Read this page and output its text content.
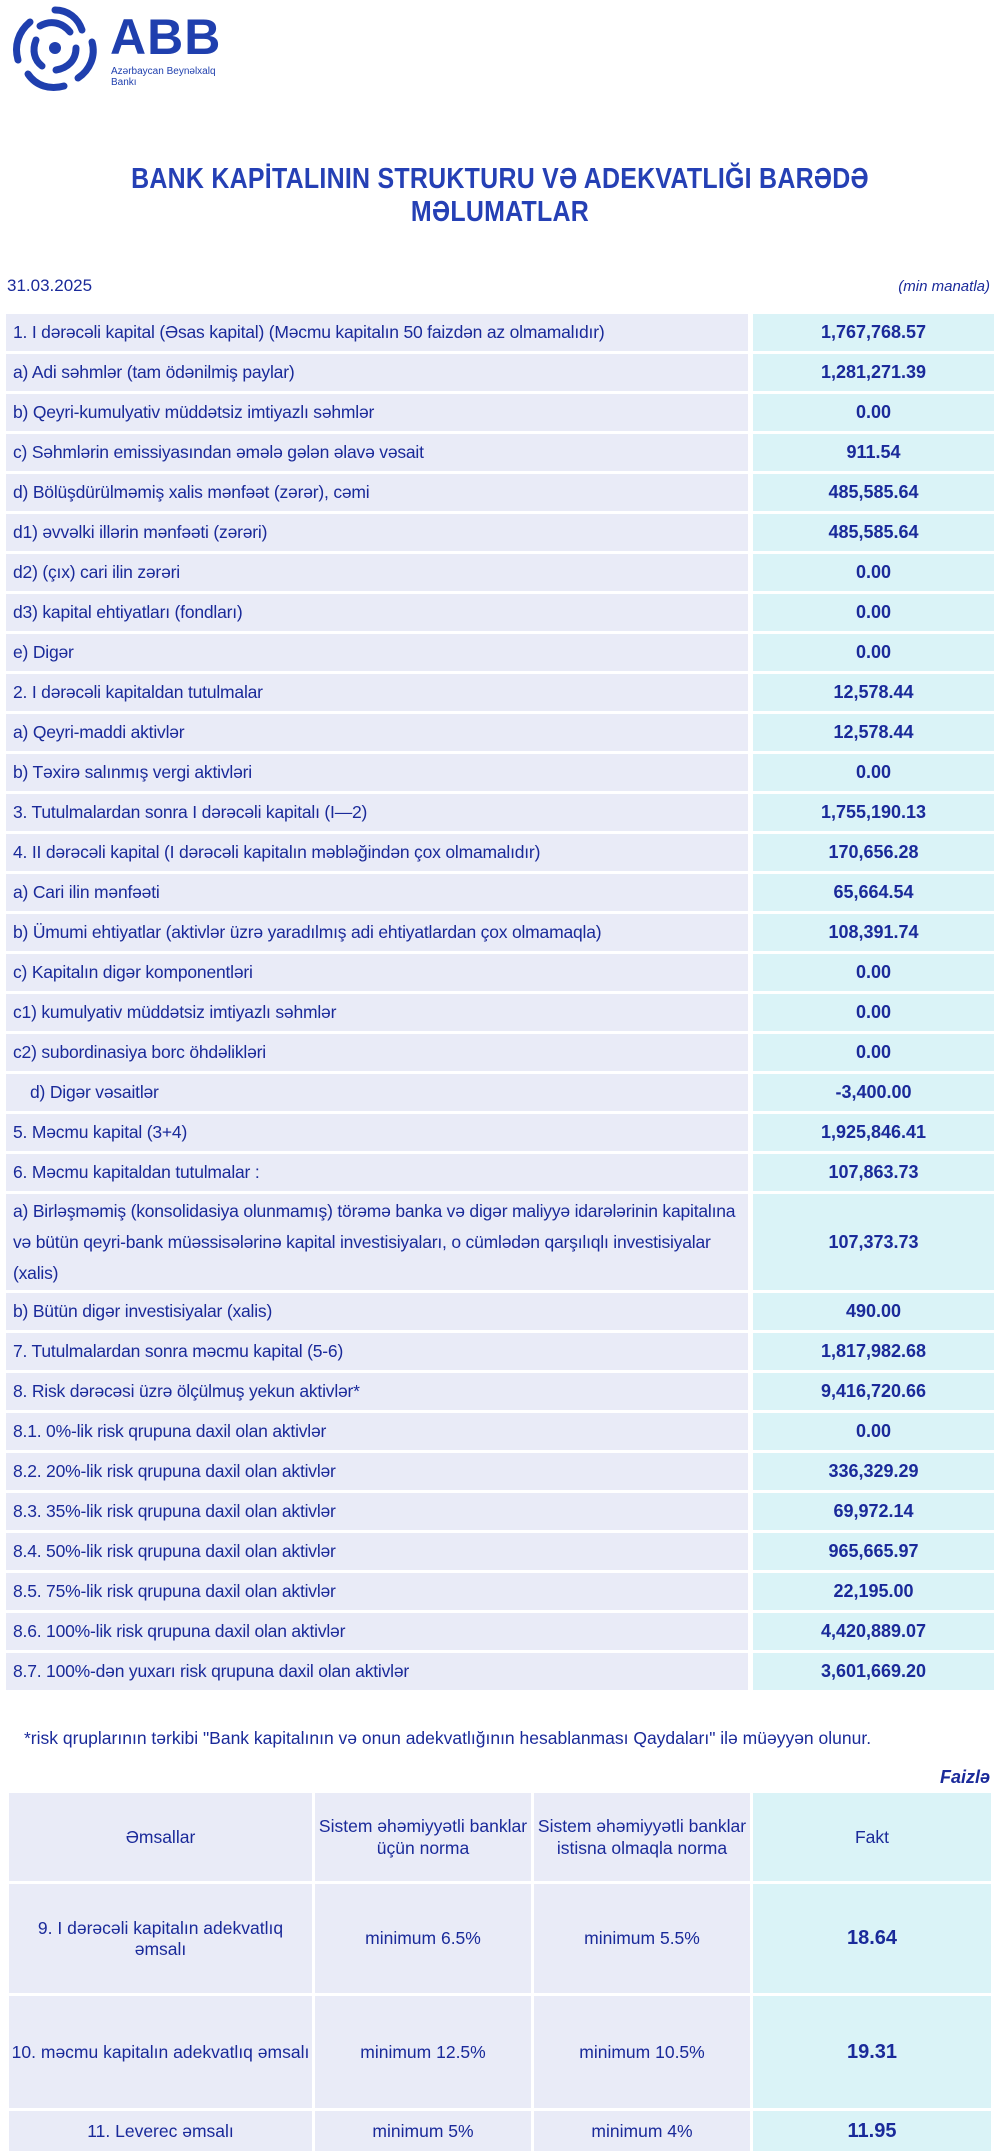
ABB
Azərbaycan Beynəlxalq Bankı
BANK KAPİTALININ STRUKTURU VƏ ADEKVATLIĞI BARƏDƏ MƏLUMATLAR
31.03.2025	(min manatla)
1. I dərəcəli kapital (Əsas kapital) (Məcmu kapitalın 50 faizdən az olmamalıdır)	1,767,768.57
a) Adi səhmlər (tam ödənilmiş paylar)	1,281,271.39
b) Qeyri-kumulyativ müddətsiz imtiyazlı səhmlər	0.00
c) Səhmlərin emissiyasından əmələ gələn əlavə vəsait	911.54
d) Bölüşdürülməmiş xalis mənfəət (zərər), cəmi	485,585.64
d1) əvvəlki illərin mənfəəti (zərəri)	485,585.64
d2) (çıx) cari ilin zərəri	0.00
d3) kapital ehtiyatları (fondları)	0.00
e) Digər	0.00
2. I dərəcəli kapitaldan tutulmalar	12,578.44
a) Qeyri-maddi aktivlər	12,578.44
b) Təxirə salınmış vergi aktivləri	0.00
3. Tutulmalardan sonra I dərəcəli kapitalı (I—2)	1,755,190.13
4. II dərəcəli kapital (I dərəcəli kapitalın məbləğindən çox olmamalıdır)	170,656.28
a) Cari ilin mənfəəti	65,664.54
b) Ümumi ehtiyatlar (aktivlər üzrə yaradılmış adi ehtiyatlardan çox olmamaqla)	108,391.74
c) Kapitalın digər komponentləri	0.00
c1) kumulyativ müddətsiz imtiyazlı səhmlər	0.00
c2) subordinasiya borc öhdəlikləri	0.00
d) Digər vəsaitlər	-3,400.00
5. Məcmu kapital (3+4)	1,925,846.41
6. Məcmu kapitaldan tutulmalar :	107,863.73
a) Birləşməmiş (konsolidasiya olunmamış) törəmə banka və digər maliyyə idarələrinin kapitalına və bütün qeyri-bank müəssisələrinə kapital investisiyaları, o cümlədən qarşılıqlı investisiyalar (xalis)	107,373.73
b) Bütün digər investisiyalar (xalis)	490.00
7. Tutulmalardan sonra məcmu kapital (5-6)	1,817,982.68
8. Risk dərəcəsi üzrə ölçülmuş yekun aktivlər*	9,416,720.66
8.1. 0%-lik risk qrupuna daxil olan aktivlər	0.00
8.2. 20%-lik risk qrupuna daxil olan aktivlər	336,329.29
8.3. 35%-lik risk qrupuna daxil olan aktivlər	69,972.14
8.4. 50%-lik risk qrupuna daxil olan aktivlər	965,665.97
8.5. 75%-lik risk qrupuna daxil olan aktivlər	22,195.00
8.6. 100%-lik risk qrupuna daxil olan aktivlər	4,420,889.07
8.7. 100%-dən yuxarı risk qrupuna daxil olan aktivlər	3,601,669.20
*risk qruplarının tərkibi "Bank kapitalının və onun adekvatlığının hesablanması Qaydaları" ilə müəyyən olunur.
Faizlə
Əmsallar	Sistem əhəmiyyətli banklar üçün norma	Sistem əhəmiyyətli banklar istisna olmaqla norma	Fakt
9. I dərəcəli kapitalın adekvatlıq əmsalı	minimum 6.5%	minimum 5.5%	18.64
10. məcmu kapitalın adekvatlıq əmsalı	minimum 12.5%	minimum 10.5%	19.31
11. Leverec əmsalı	minimum 5%	minimum 4%	11.95
